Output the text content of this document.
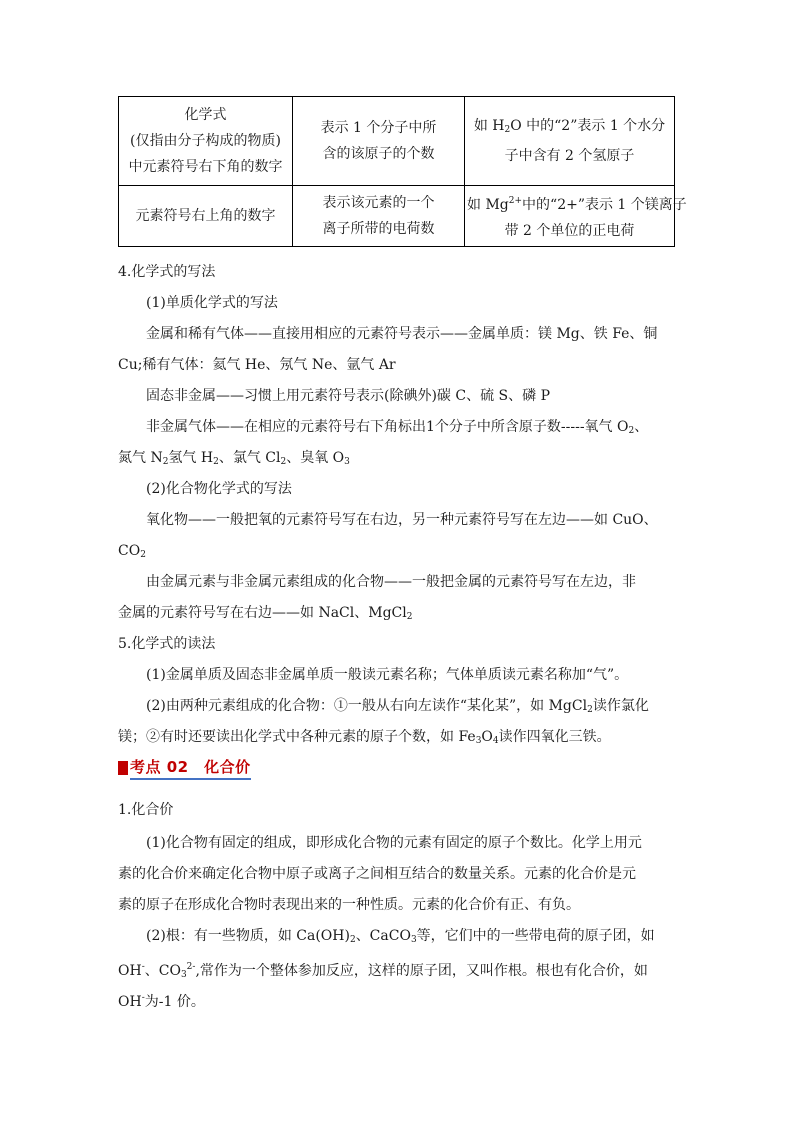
化学式
(仅指由分子构成的物质)
中元素符号右下角的数字	表示 1 个分子中所
含的该原子的个数	如 $H_2O$ 中的“2”表示 1 个水分
子中含有 2 个氢原子

元素符号右上角的数字	表示该元素的一个
离子所带的电荷数	如 $Mg^{2+}$中的“2+”表示 1 个镁离子
带 2 个单位的正电荷
4.化学式的写法
(1)单质化学式的写法
金属和稀有气体——直接用相应的元素符号表示——金属单质：镁 Mg、铁 Fe、铜
Cu;稀有气体：氦气 He、氖气 Ne、氩气 Ar
固态非金属——习惯上用元素符号表示(除碘外)碳 C、硫 S、磷 P
非金属气体——在相应的元素符号右下角标出1个分子中所含原子数-----氧气 $O_2$、
氮气 $N_2$氢气 $H_2$、氯气 $Cl_2$、臭氧 $O_3$
(2)化合物化学式的写法
氧化物——一般把氧的元素符号写在右边，另一种元素符号写在左边——如 CuO、
$CO_2$
由金属元素与非金属元素组成的化合物——一般把金属的元素符号写在左边，非
金属的元素符号写在右边——如 NaCl、MgCl$_2$
5.化学式的读法
(1)金属单质及固态非金属单质一般读元素名称；气体单质读元素名称加“气”。
(2)由两种元素组成的化合物：①一般从右向左读作“某化某”，如 MgCl$_2$读作氯化
镁；②有时还要读出化学式中各种元素的原子个数，如 $Fe_3O_4$读作四氧化三铁。
考点 02　化合价
1.化合价
(1)化合物有固定的组成，即形成化合物的元素有固定的原子个数比。化学上用元
素的化合价来确定化合物中原子或离子之间相互结合的数量关系。元素的化合价是元
素的原子在形成化合物时表现出来的一种性质。元素的化合价有正、有负。
(2)根：有一些物质，如 $Ca(OH)_2$、CaCO$_3$等，它们中的一些带电荷的原子团，如
OH-、$CO_3^{2-}$,常作为一个整体参加反应，这样的原子团，又叫作根。根也有化合价，如
OH-为-1 价。
